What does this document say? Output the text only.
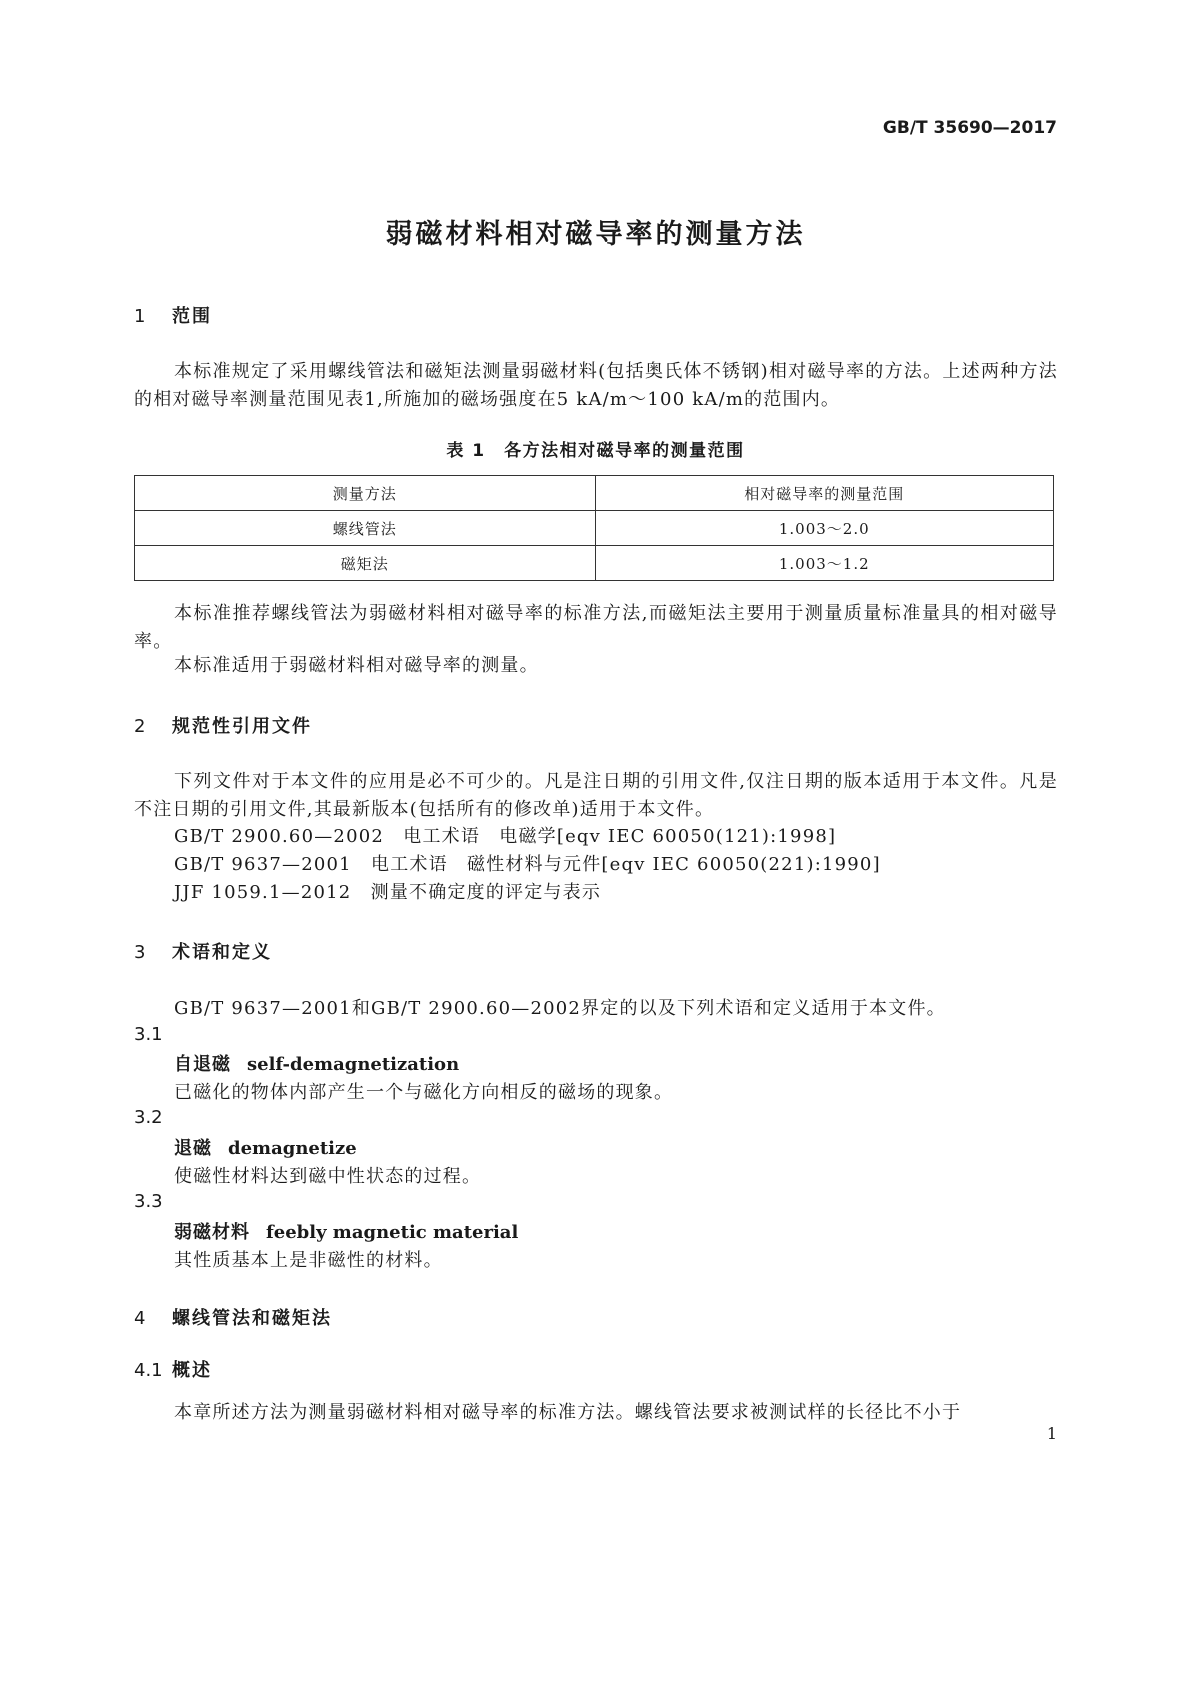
GB/T 35690—2017
弱磁材料相对磁导率的测量方法
1 范围
本标准规定了采用螺线管法和磁矩法测量弱磁材料(包括奥氏体不锈钢)相对磁导率的方法。上述两种方法的相对磁导率测量范围见表1,所施加的磁场强度在5 kA/m～100 kA/m的范围内。
表 1　各方法相对磁导率的测量范围
测量方法	相对磁导率的测量范围
螺线管法	1.003～2.0
磁矩法	1.003～1.2
本标准推荐螺线管法为弱磁材料相对磁导率的标准方法,而磁矩法主要用于测量质量标准量具的相对磁导率。
本标准适用于弱磁材料相对磁导率的测量。
2 规范性引用文件
下列文件对于本文件的应用是必不可少的。凡是注日期的引用文件,仅注日期的版本适用于本文件。凡是不注日期的引用文件,其最新版本(包括所有的修改单)适用于本文件。
GB/T 2900.60—2002　电工术语　电磁学[eqv IEC 60050(121):1998]
GB/T 9637—2001　电工术语　磁性材料与元件[eqv IEC 60050(221):1990]
JJF 1059.1—2012　测量不确定度的评定与表示
3 术语和定义
GB/T 9637—2001和GB/T 2900.60—2002界定的以及下列术语和定义适用于本文件。
3.1
自退磁 self-demagnetization
已磁化的物体内部产生一个与磁化方向相反的磁场的现象。
3.2
退磁 demagnetize
使磁性材料达到磁中性状态的过程。
3.3
弱磁材料 feebly magnetic material
其性质基本上是非磁性的材料。
4 螺线管法和磁矩法
4.1 概述
本章所述方法为测量弱磁材料相对磁导率的标准方法。螺线管法要求被测试样的长径比不小于
1
